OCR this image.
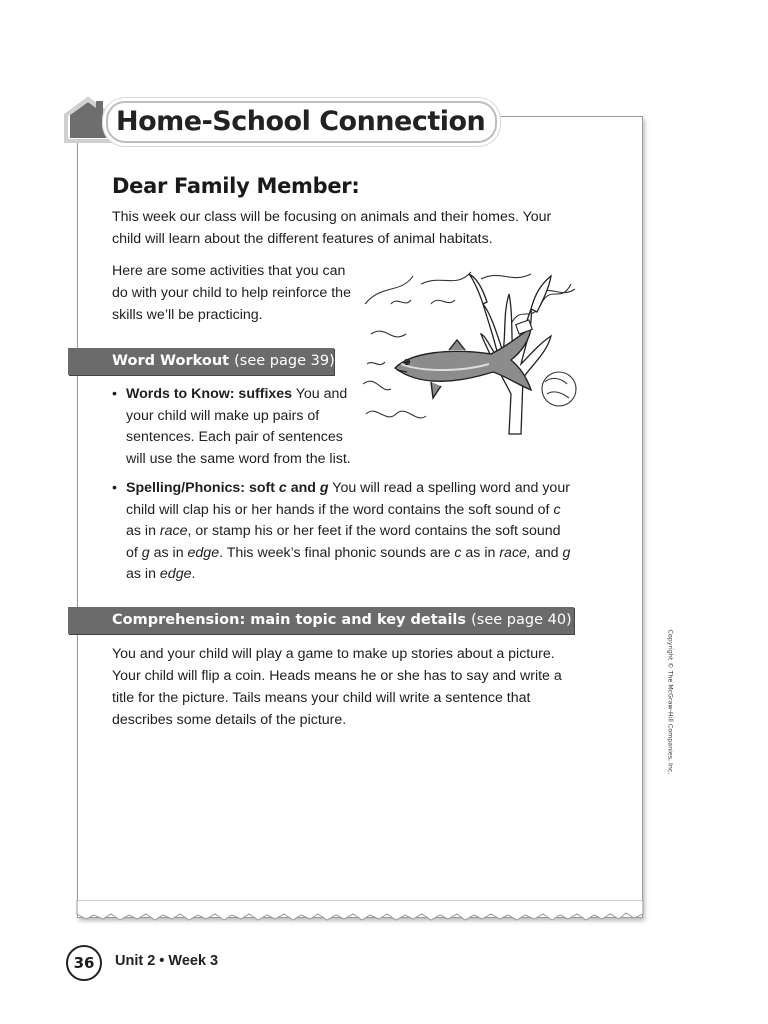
Home-School Connection
Dear Family Member:

This week our class will be focusing on animals and their homes. Your child will learn about the different features of animal habitats.

Here are some activities that you can do with your child to help reinforce the skills we’ll be practicing.

Word Workout (see page 39)
• Words to Know: suffixes You and your child will make up pairs of sentences. Each pair of sentences will use the same word from the list.
• Spelling/Phonics: soft c and g You will read a spelling word and your child will clap his or her hands if the word contains the soft sound of c as in race, or stamp his or her feet if the word contains the soft sound of g as in edge. This week’s final phonic sounds are c as in race, and g as in edge.
Comprehension: main topic and key details (see page 40)

You and your child will play a game to make up stories about a picture. Your child will flip a coin. Heads means he or she has to say and write a title for the picture. Tails means your child will write a sentence that describes some details of the picture.	Copyright © The McGraw-Hill Companies, Inc.
36	Unit 2 • Week 3
